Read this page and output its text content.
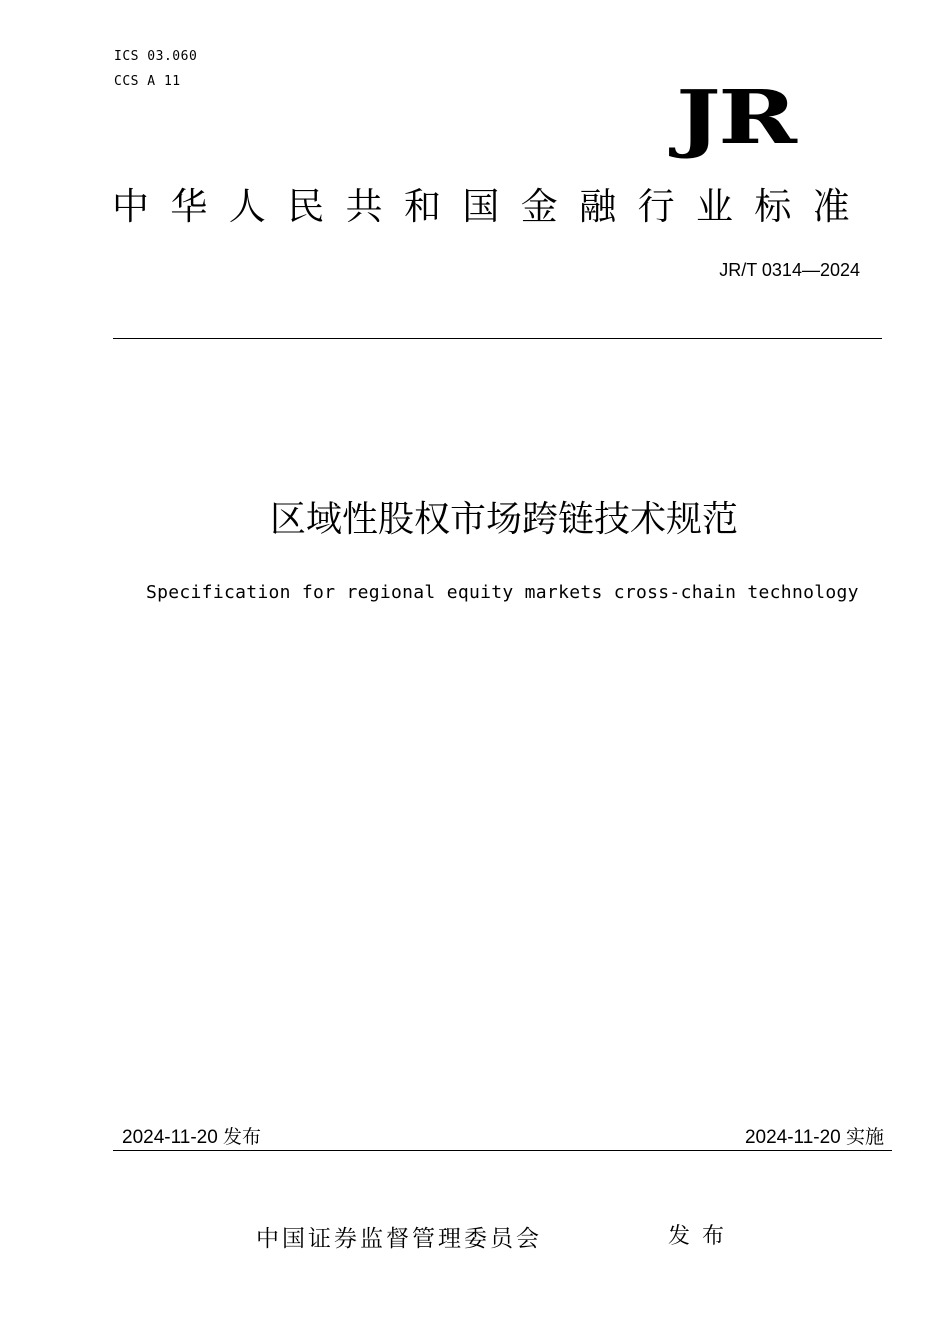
ICS 03.060
CCS A 11	JR
中华人民共和国金融行业标准
JR/T 0314—2024
区域性股权市场跨链技术规范
Specification for regional equity markets cross-chain technology
2024-11-20 发布	2024-11-20 实施
中国证券监督管理委员会	发布
